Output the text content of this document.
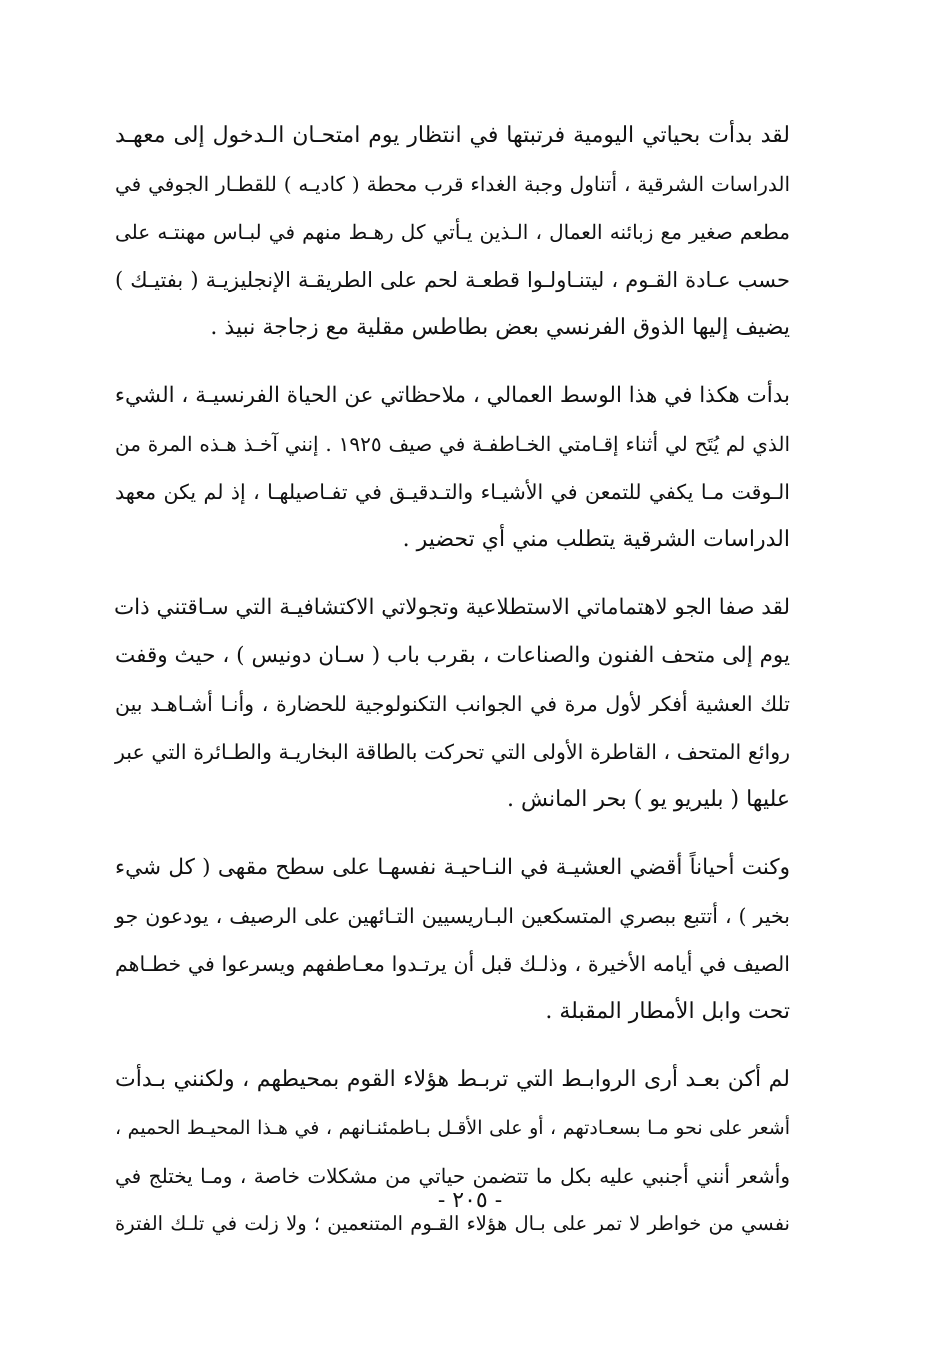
لقد بدأت بحياتي اليومية فرتبتها في انتظار يوم امتحـان الـدخول إلى معهـد
الدراسات الشرقية ، أتناول وجبة الغداء قرب محطة ( كاديـه ) للقطـار الجوفي في
مطعم صغير مع زبائنه العمال ، الـذين يـأتي كل رهـط منهم في لبـاس مهنتـه على
حسب عـادة القـوم ، ليتنـاولـوا قطعـة لحم على الطريقـة الإنجليزيـة ( بفتيـك )
يضيف إليها الذوق الفرنسي بعض بطاطس مقلية مع زجاجة نبيذ .

بدأت هكذا في هذا الوسط العمالي ، ملاحظاتي عن الحياة الفرنسيـة ، الشيء
الذي لم يُتَح لي أثناء إقـامتي الخـاطفـة في صيف ١٩٢٥ . إنني آخـذ هـذه المرة من
الـوقت مـا يكفي للتمعن في الأشيـاء والتـدقيـق في تفـاصيلهـا ، إذ لم يكن معهد
الدراسات الشرقية يتطلب مني أي تحضير .

لقد صفا الجو لاهتماماتي الاستطلاعية وتجولاتي الاكتشافيـة التي سـاقتني ذات
يوم إلى متحف الفنون والصناعات ، بقرب باب ( سـان دونيس ) ، حيث وقفت
تلك العشية أفكر لأول مرة في الجوانب التكنولوجية للحضارة ، وأنـا أشـاهـد بين
روائع المتحف ، القاطرة الأولى التي تحركت بالطاقة البخاريـة والطـائرة التي عبر
عليها ( بليريو يو ) بحر المانش .

وكنت أحياناً أقضي العشيـة في النـاحيـة نفسهـا على سطح مقهى ( كل شيء
بخير ) ، أتتبع ببصري المتسكعين البـاريسيين التـائهين على الرصيف ، يودعون جو
الصيف في أيامه الأخيرة ، وذلـك قبل أن يرتـدوا معـاطفهم ويسرعوا في خطـاهم
تحت وابل الأمطار المقبلة .

لم أكن بعـد أرى الروابـط التي تربـط هؤلاء القوم بمحيطهم ، ولكنني بـدأت
أشعر على نحو مـا بسعـادتهم ، أو على الأقـل بـاطمئنـانهم ، في هـذا المحيـط الحميم ،
وأشعر أنني أجنبي عليه بكل ما تتضمن حياتي من مشكلات خاصة ، ومـا يختلج في
نفسي من خواطر لا تمر على بـال هؤلاء القـوم المتنعمين ؛ ولا زلت في تلـك الفترة

- ٢٠٥ -
